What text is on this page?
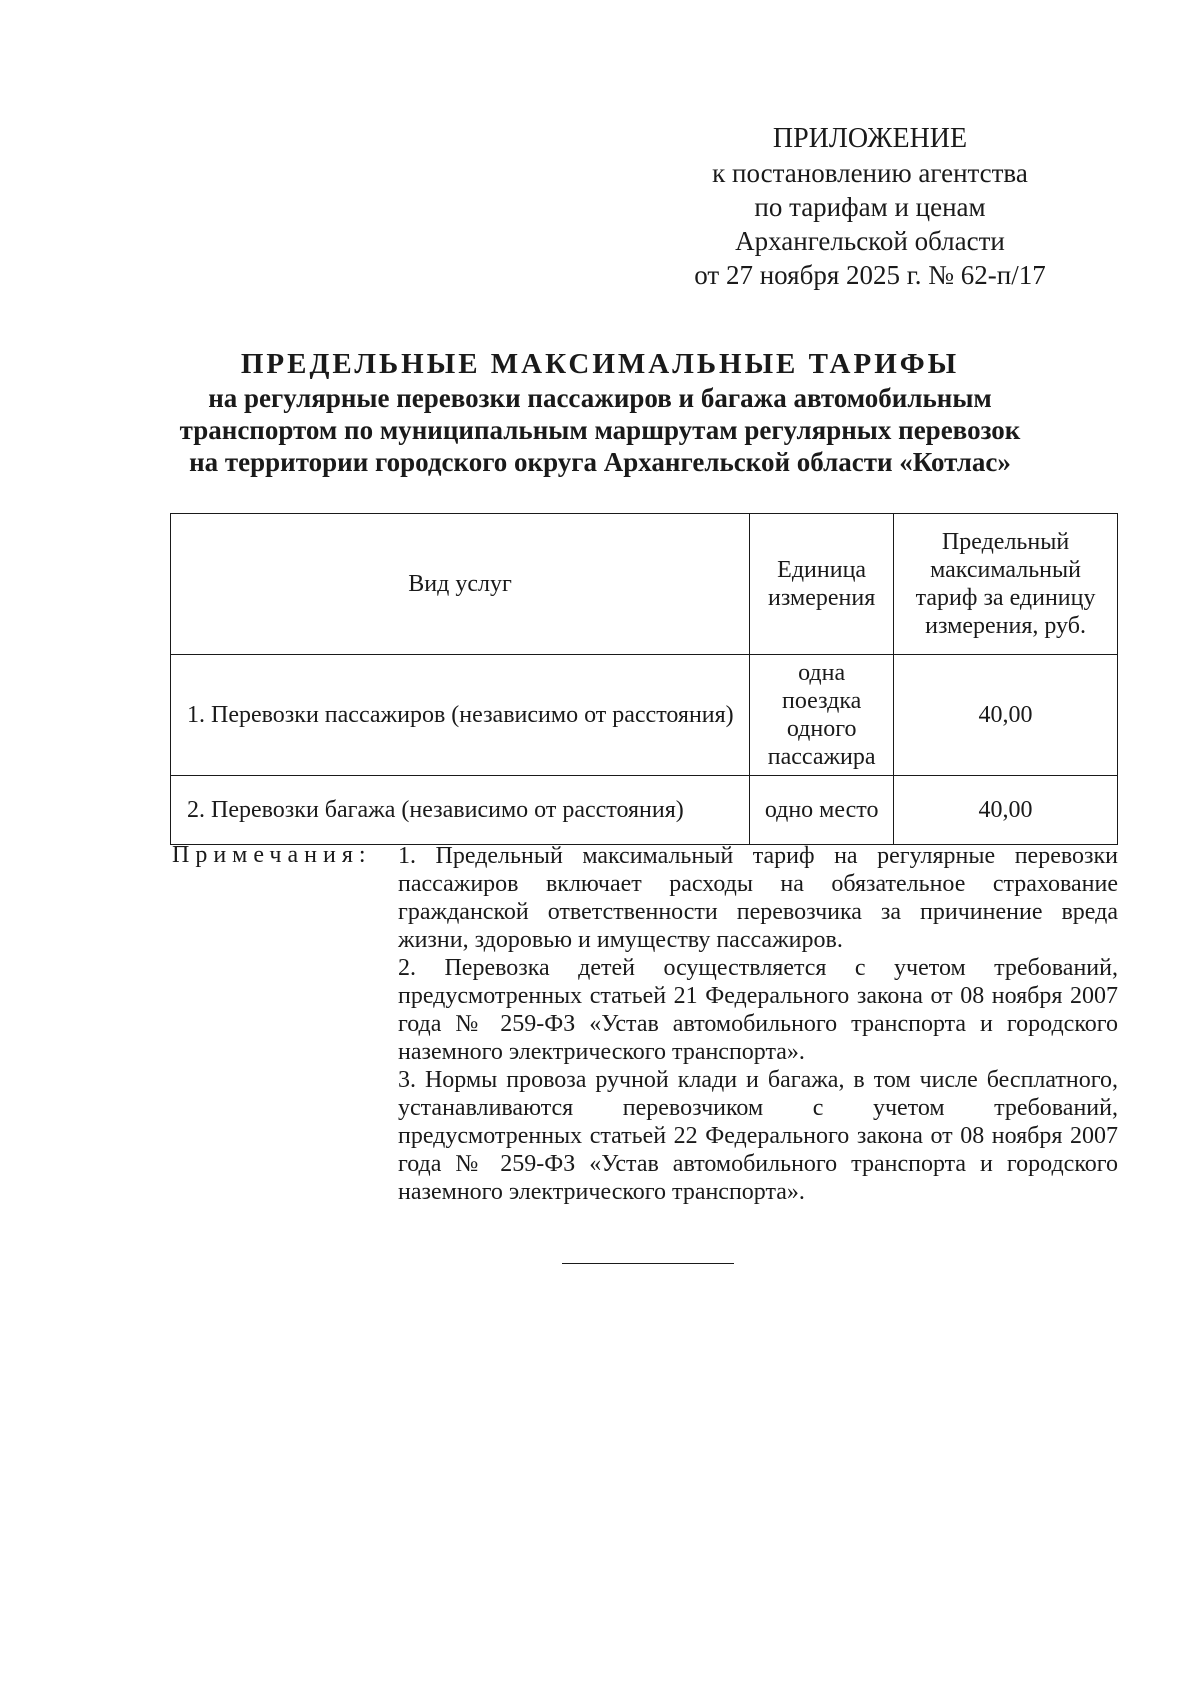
ПРИЛОЖЕНИЕ
к постановлению агентства
по тарифам и ценам
Архангельской области
от 27 ноября 2025 г. № 62-п/17
ПРЕДЕЛЬНЫЕ МАКСИМАЛЬНЫЕ ТАРИФЫ
на регулярные перевозки пассажиров и багажа автомобильным
транспортом по муниципальным маршрутам регулярных перевозок
на территории городского округа Архангельской области «Котлас»
Вид услуг	Единица измерения	Предельный максимальный тариф за единицу измерения, руб.
1. Перевозки пассажиров (независимо от расстояния)	одна поездка одного пассажира	40,00
2. Перевозки багажа (независимо от расстояния)	одно место	40,00
Примечания: 1. Предельный максимальный тариф на регулярные перевозки пассажиров включает расходы на обязательное страхование гражданской ответственности перевозчика за причинение вреда жизни, здоровью и имуществу пассажиров.

2. Перевозка детей осуществляется с учетом требований, предусмотренных статьей 21 Федерального закона от 08 ноября 2007 года № 259-ФЗ «Устав автомобильного транспорта и городского наземного электрического транспорта».

3. Нормы провоза ручной клади и багажа, в том числе бесплатного, устанавливаются перевозчиком с учетом требований, предусмотренных статьей 22 Федерального закона от 08 ноября 2007 года № 259-ФЗ «Устав автомобильного транспорта и городского наземного электрического транспорта».
